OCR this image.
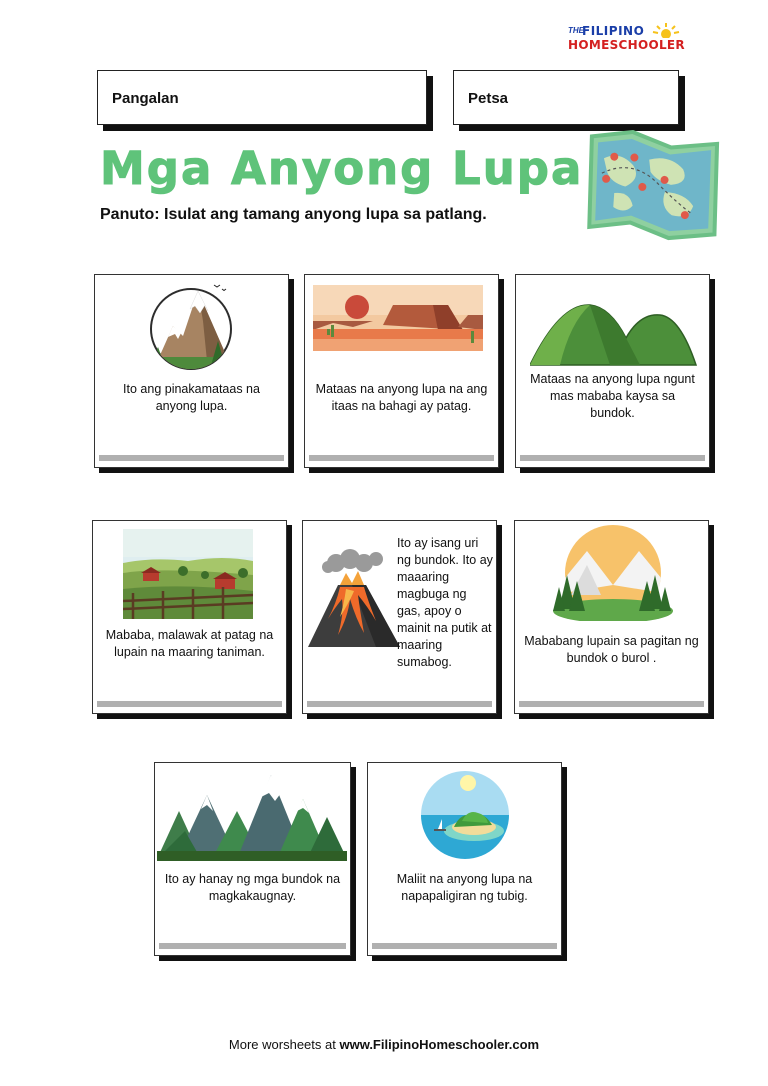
THE
FILIPINO
HOMESCHOOLER
Pangalan	Petsa
Mga Anyong Lupa
Panuto: Isulat ang tamang anyong lupa sa patlang.
Ito ang pinakamataas na anyong lupa.
Mataas na anyong lupa na ang itaas na bahagi ay patag.
Mataas na anyong lupa ngunt mas mababa kaysa sa bundok.
Mababa, malawak at patag na lupain na maaring taniman.
Ito ay isang uri ng bundok. Ito ay maaaring magbuga ng gas, apoy o mainit na putik at maaring sumabog.
Mababang lupain sa pagitan ng bundok o burol .
Ito ay hanay ng mga bundok na magkakaugnay.
Maliit na anyong lupa na napapaligiran ng tubig.
More worsheets at www.FilipinoHomeschooler.com
